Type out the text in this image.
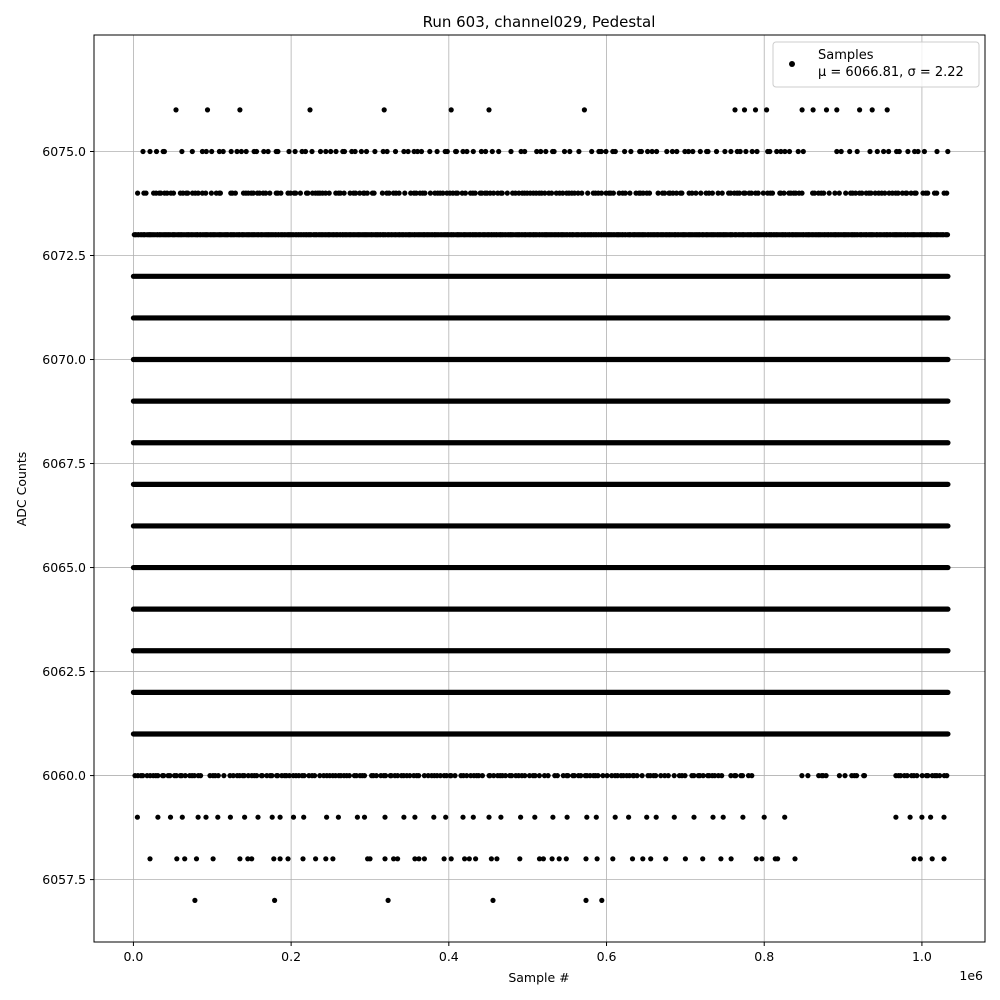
Run 603, channel029, Pedestal
0.0	0.2	0.4	0.6	0.8	1.0
6057.5
6060.0
6062.5
6065.0
6067.5
6070.0
6072.5
6075.0
Sample #
ADC Counts
1e6
Samples
μ = 6066.81, σ = 2.22
